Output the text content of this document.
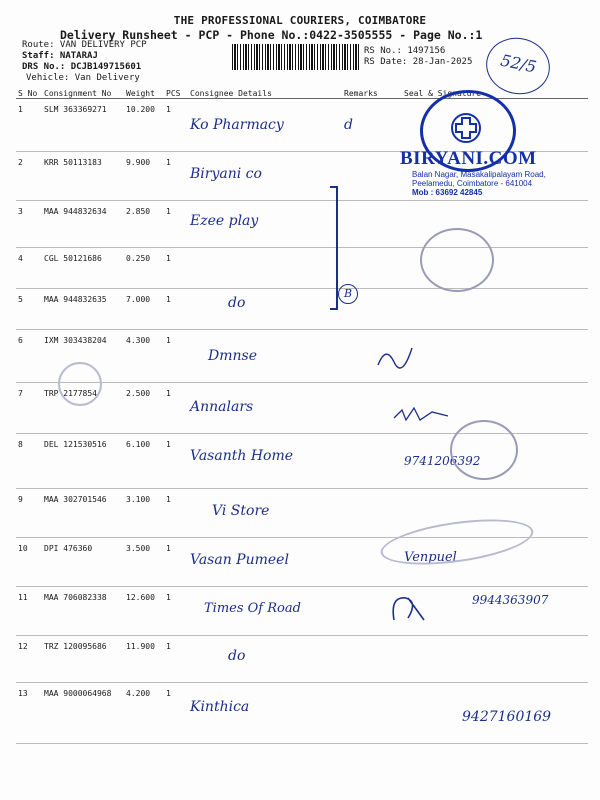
THE PROFESSIONAL COURIERS, COIMBATORE
Delivery Runsheet - PCP - Phone No.:0422-3505555 - Page No.:1
Route: VAN DELIVERY PCP
Staff: NATARAJ
DRS No.: DCJB149715601
Vehicle: Van Delivery
RS No.: 1497156
RS Date: 28-Jan-2025	52/5
S No	Consignment No	Weight	PCS	Consignee Details	Remarks	Seal & Signature
1	SLM 363369271	10.200	1	Ko Pharmacy	d	
2	KRR 50113183	9.900	1	Biryani co		
3	MAA 944832634	2.850	1	Ezee play		
4	CGL 50121686	0.250	1			
5	MAA 944832635	7.000	1	do		
6	IXM 303438204	4.300	1	Dmnse		
7	TRP 2177854	2.500	1	Annalars		
8	DEL 121530516	6.100	1	Vasanth Home		9741206392
9	MAA 302701546	3.100	1	Vi Store		
10	DPI 476360	3.500	1	Vasan Pumeel		Venpuel
11	MAA 706082338	12.600	1	Times Of Road		9944363907
12	TRZ 120095686	11.900	1	do		
13	MAA 9000064968	4.200	1	Kinthica		9427160169
B
BIRYANI.COM
Balan Nagar, Masakalipalayam Road,
Peelamedu, Coimbatore - 641004
Mob : 63692 42845
